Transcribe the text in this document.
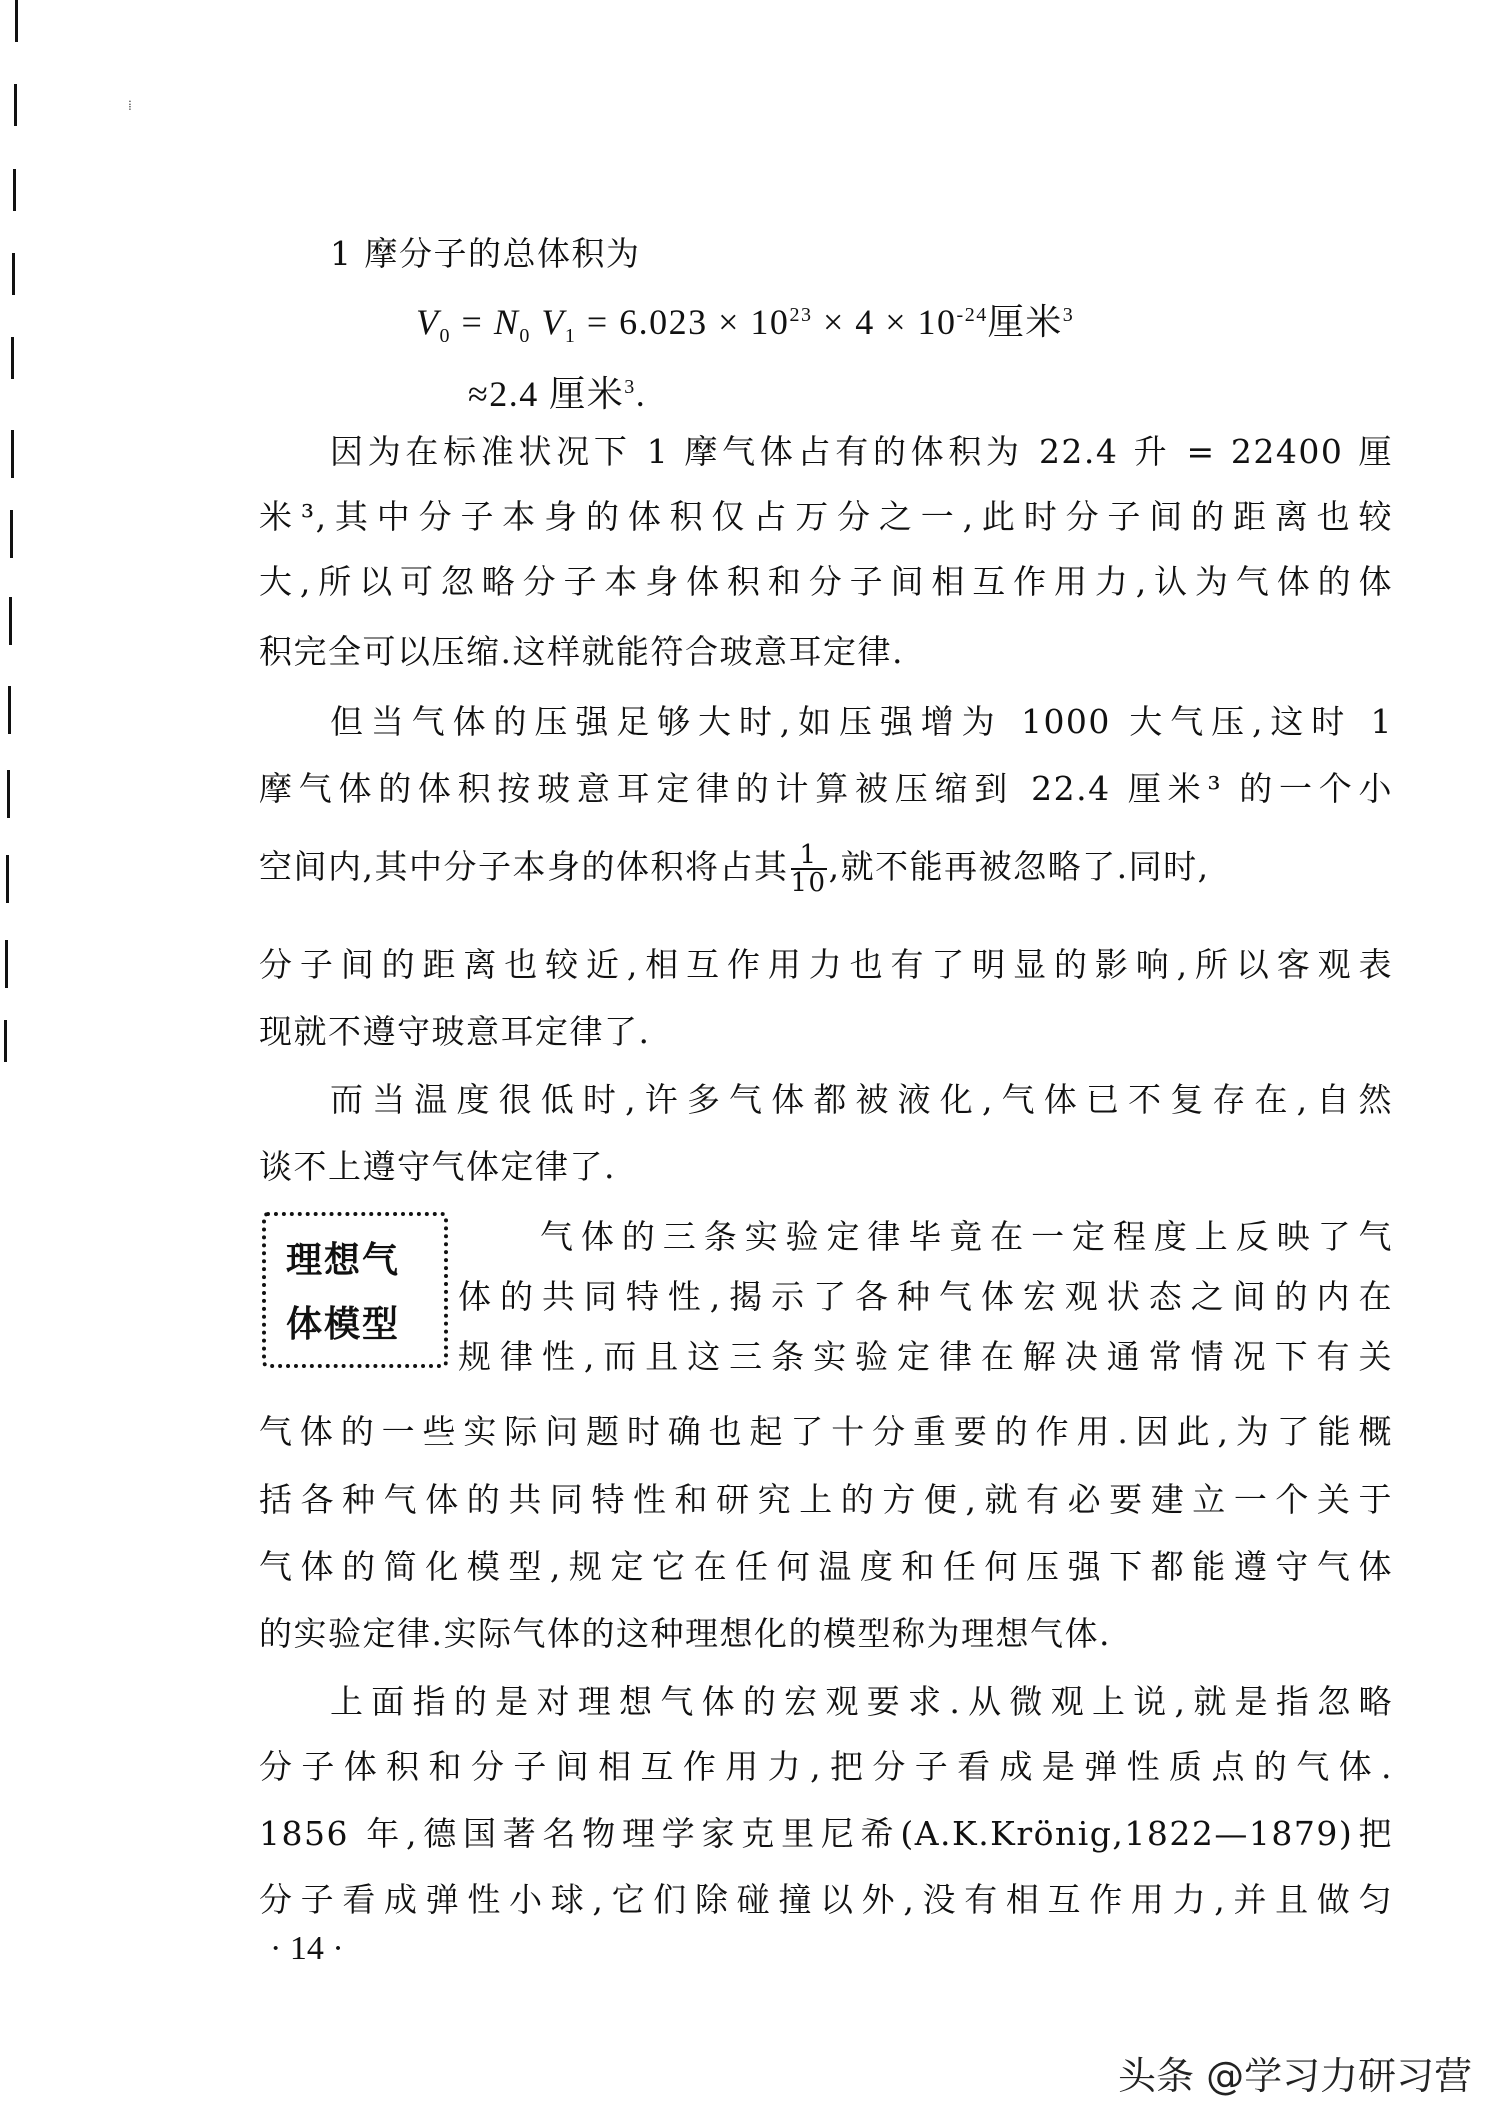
⁞
1 摩分子的总体积为
$V_0 = N_0$ $V_1 = 6.023 \times 10^{23} \times 4 \times 10^{-24}$厘米$^3$
≈2.4 厘米$^3$.
因为在标准状况下 1 摩气体占有的体积为 22.4 升 = 22400 厘
米³,其中分子本身的体积仅占万分之一,此时分子间的距离也较
大,所以可忽略分子本身体积和分子间相互作用力,认为气体的体
积完全可以压缩.这样就能符合玻意耳定律.
但当气体的压强足够大时,如压强增为 1000 大气压,这时 1
摩气体的体积按玻意耳定律的计算被压缩到 22.4 厘米³ 的一个小
空间内,其中分子本身的体积将占其 $\frac{1}{10}$ ,就不能再被忽略了.同时,
分子间的距离也较近,相互作用力也有了明显的影响,所以客观表
现就不遵守玻意耳定律了.
而当温度很低时,许多气体都被液化,气体已不复存在,自然
谈不上遵守气体定律了.
理想气
体模型
气体的三条实验定律毕竟在一定程度上反映了气
体的共同特性,揭示了各种气体宏观状态之间的内在
规律性,而且这三条实验定律在解决通常情况下有关
气体的一些实际问题时确也起了十分重要的作用.因此,为了能概
括各种气体的共同特性和研究上的方便,就有必要建立一个关于
气体的简化模型,规定它在任何温度和任何压强下都能遵守气体
的实验定律.实际气体的这种理想化的模型称为理想气体.
上面指的是对理想气体的宏观要求.从微观上说,就是指忽略
分子体积和分子间相互作用力,把分子看成是弹性质点的气体.
1856 年,德国著名物理学家克里尼希(A.K.Krönig,1822—1879)把
分子看成弹性小球,它们除碰撞以外,没有相互作用力,并且做匀
· 14 ·
头条 @学习力研习营
